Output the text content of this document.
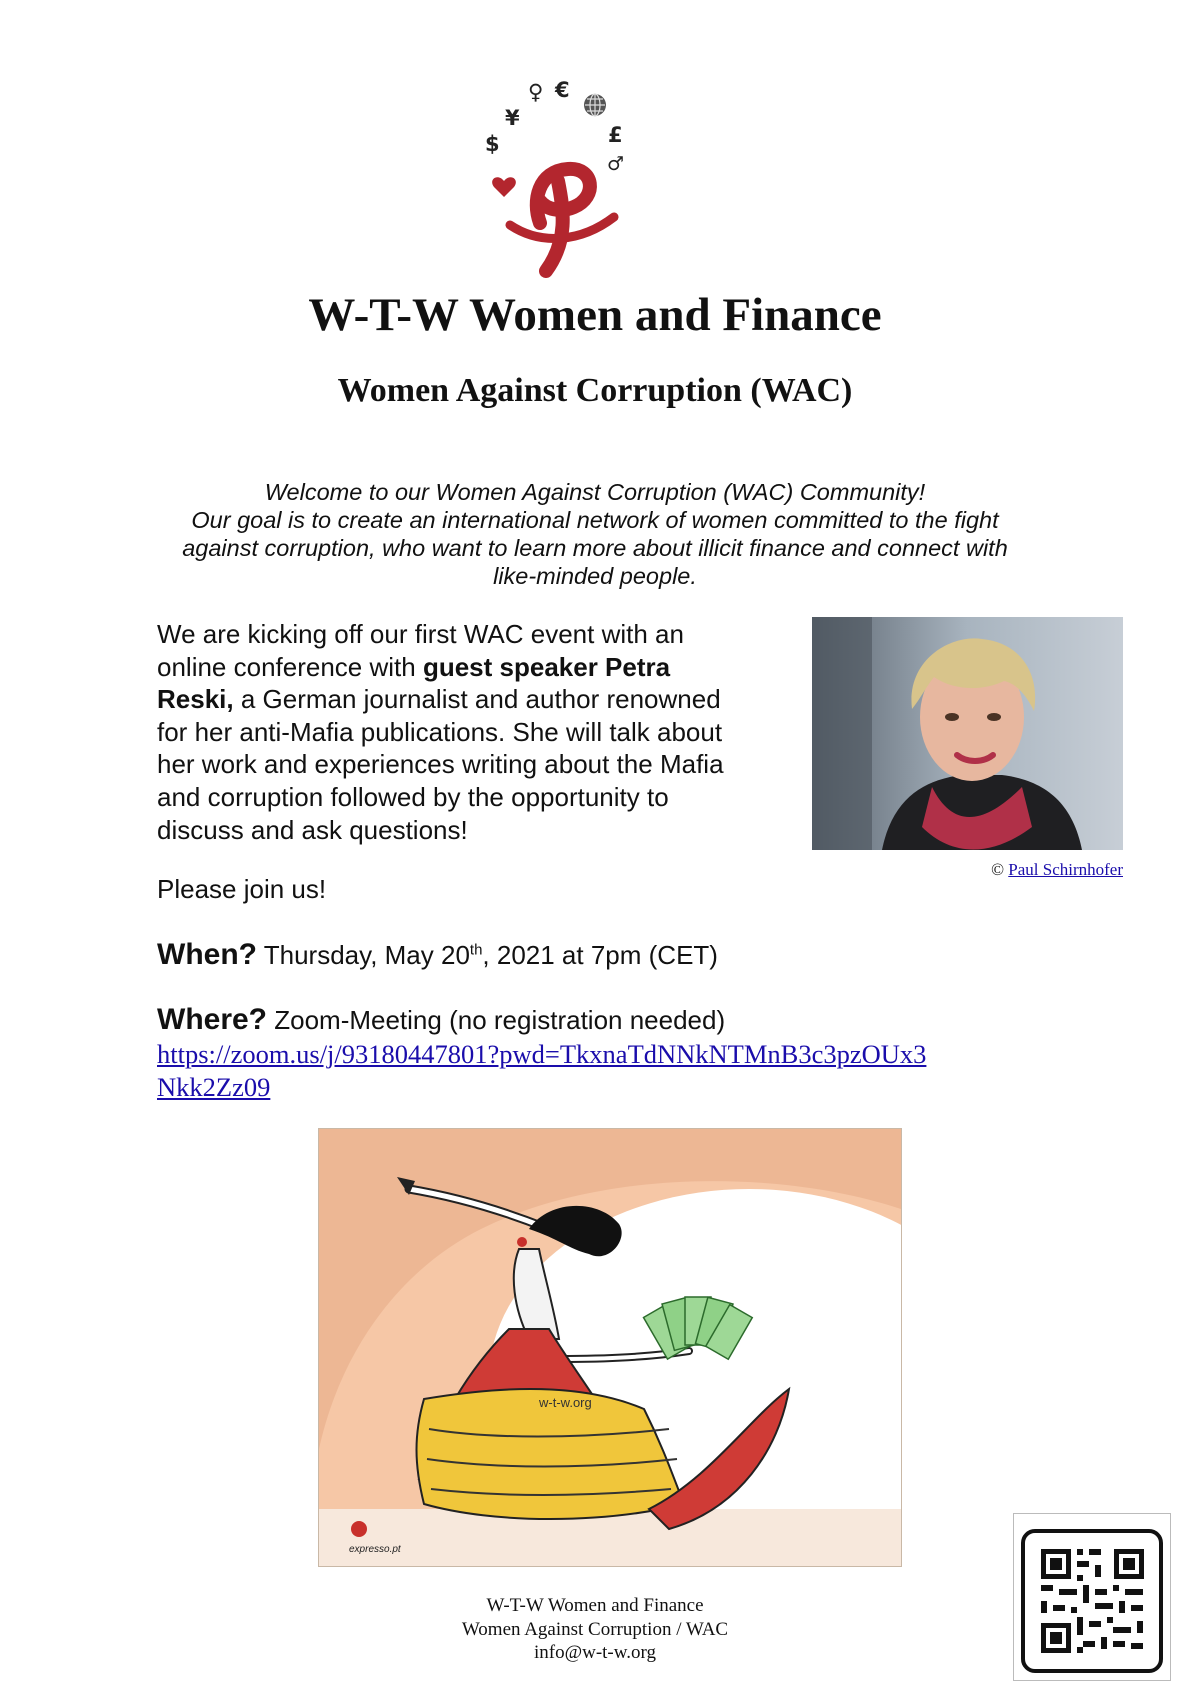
¥
♀ €
$	£
♂
W-T-W Women and Finance
Women Against Corruption (WAC)
Welcome to our Women Against Corruption (WAC) Community!
Our goal is to create an international network of women committed to the fight
against corruption, who want to learn more about illicit finance and connect with
like-minded people.
We are kicking off our first WAC event with an
online conference with guest speaker Petra
Reski, a German journalist and author renowned
for her anti-Mafia publications. She will talk about
her work and experiences writing about the Mafia
and corruption followed by the opportunity to
discuss and ask questions!
© Paul Schirnhofer
Please join us!
When? Thursday, May 20th, 2021 at 7pm (CET)
Where? Zoom-Meeting (no registration needed)
https://zoom.us/j/93180447801?pwd=TkxnaTdNNkNTMnB3c3pzOUx3
Nkk2Zz09
w-t-w.org
expresso.pt
W-T-W Women and Finance
Women Against Corruption / WAC
info@w-t-w.org
